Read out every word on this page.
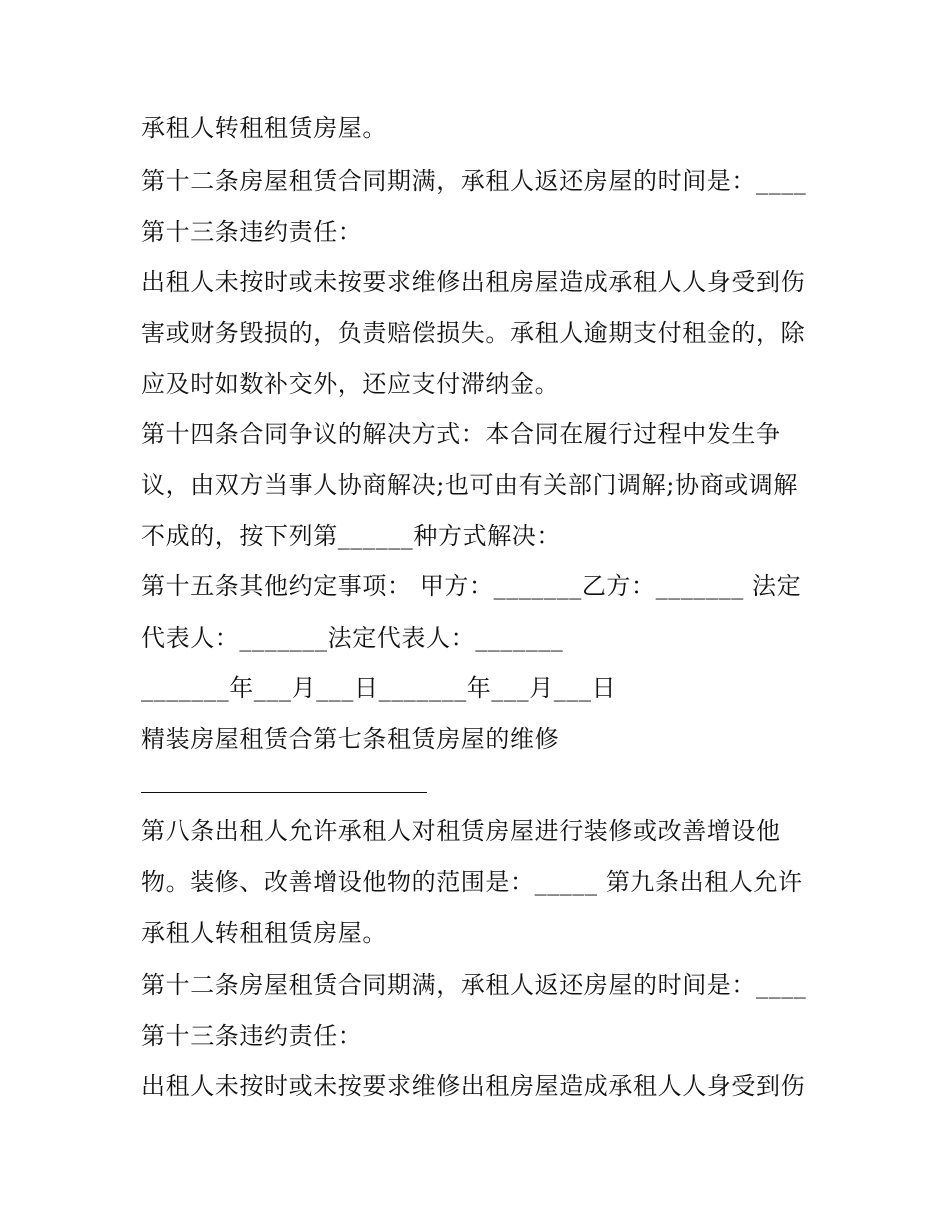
承租人转租租赁房屋。
第十二条房屋租赁合同期满，承租人返还房屋的时间是：____
第十三条违约责任：
出租人未按时或未按要求维修出租房屋造成承租人人身受到伤
害或财务毁损的，负责赔偿损失。承租人逾期支付租金的，除
应及时如数补交外，还应支付滞纳金。
第十四条合同争议的解决方式：本合同在履行过程中发生争
议，由双方当事人协商解决;也可由有关部门调解;协商或调解
不成的，按下列第______种方式解决：
第十五条其他约定事项： 甲方：_______乙方：_______ 法定
代表人：_______法定代表人：_______
_______年___月___日_______年___月___日
精装房屋租赁合第七条租赁房屋的维修
第八条出租人允许承租人对租赁房屋进行装修或改善增设他
物。装修、改善增设他物的范围是：_____ 第九条出租人允许
承租人转租租赁房屋。
第十二条房屋租赁合同期满，承租人返还房屋的时间是：____
第十三条违约责任：
出租人未按时或未按要求维修出租房屋造成承租人人身受到伤
